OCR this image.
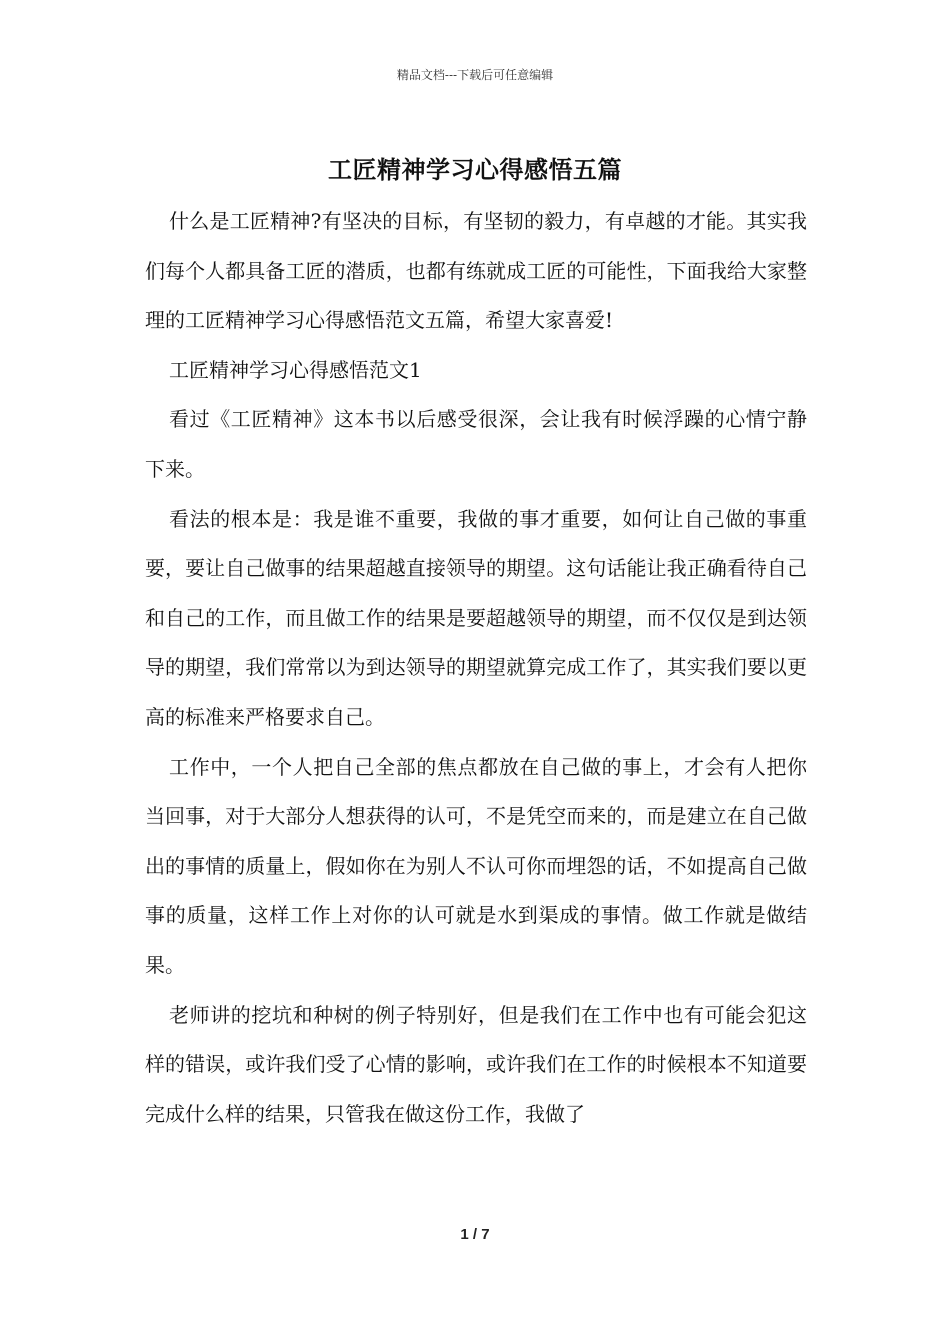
精品文档---下载后可任意编辑
工匠精神学习心得感悟五篇

什么是工匠精神?有坚决的目标，有坚韧的毅力，有卓越的才能。其实我们每个人都具备工匠的潜质，也都有练就成工匠的可能性，下面我给大家整理的工匠精神学习心得感悟范文五篇，希望大家喜爱!

工匠精神学习心得感悟范文1

看过《工匠精神》这本书以后感受很深，会让我有时候浮躁的心情宁静下来。

看法的根本是：我是谁不重要，我做的事才重要，如何让自己做的事重要，要让自己做事的结果超越直接领导的期望。这句话能让我正确看待自己和自己的工作，而且做工作的结果是要超越领导的期望，而不仅仅是到达领导的期望，我们常常以为到达领导的期望就算完成工作了，其实我们要以更高的标准来严格要求自己。

工作中，一个人把自己全部的焦点都放在自己做的事上，才会有人把你当回事，对于大部分人想获得的认可，不是凭空而来的，而是建立在自己做出的事情的质量上，假如你在为别人不认可你而埋怨的话，不如提高自己做事的质量，这样工作上对你的认可就是水到渠成的事情。做工作就是做结果。

老师讲的挖坑和种树的例子特别好，但是我们在工作中也有可能会犯这样的错误，或许我们受了心情的影响，或许我们在工作的时候根本不知道要完成什么样的结果，只管我在做这份工作，我做了

1 / 7
